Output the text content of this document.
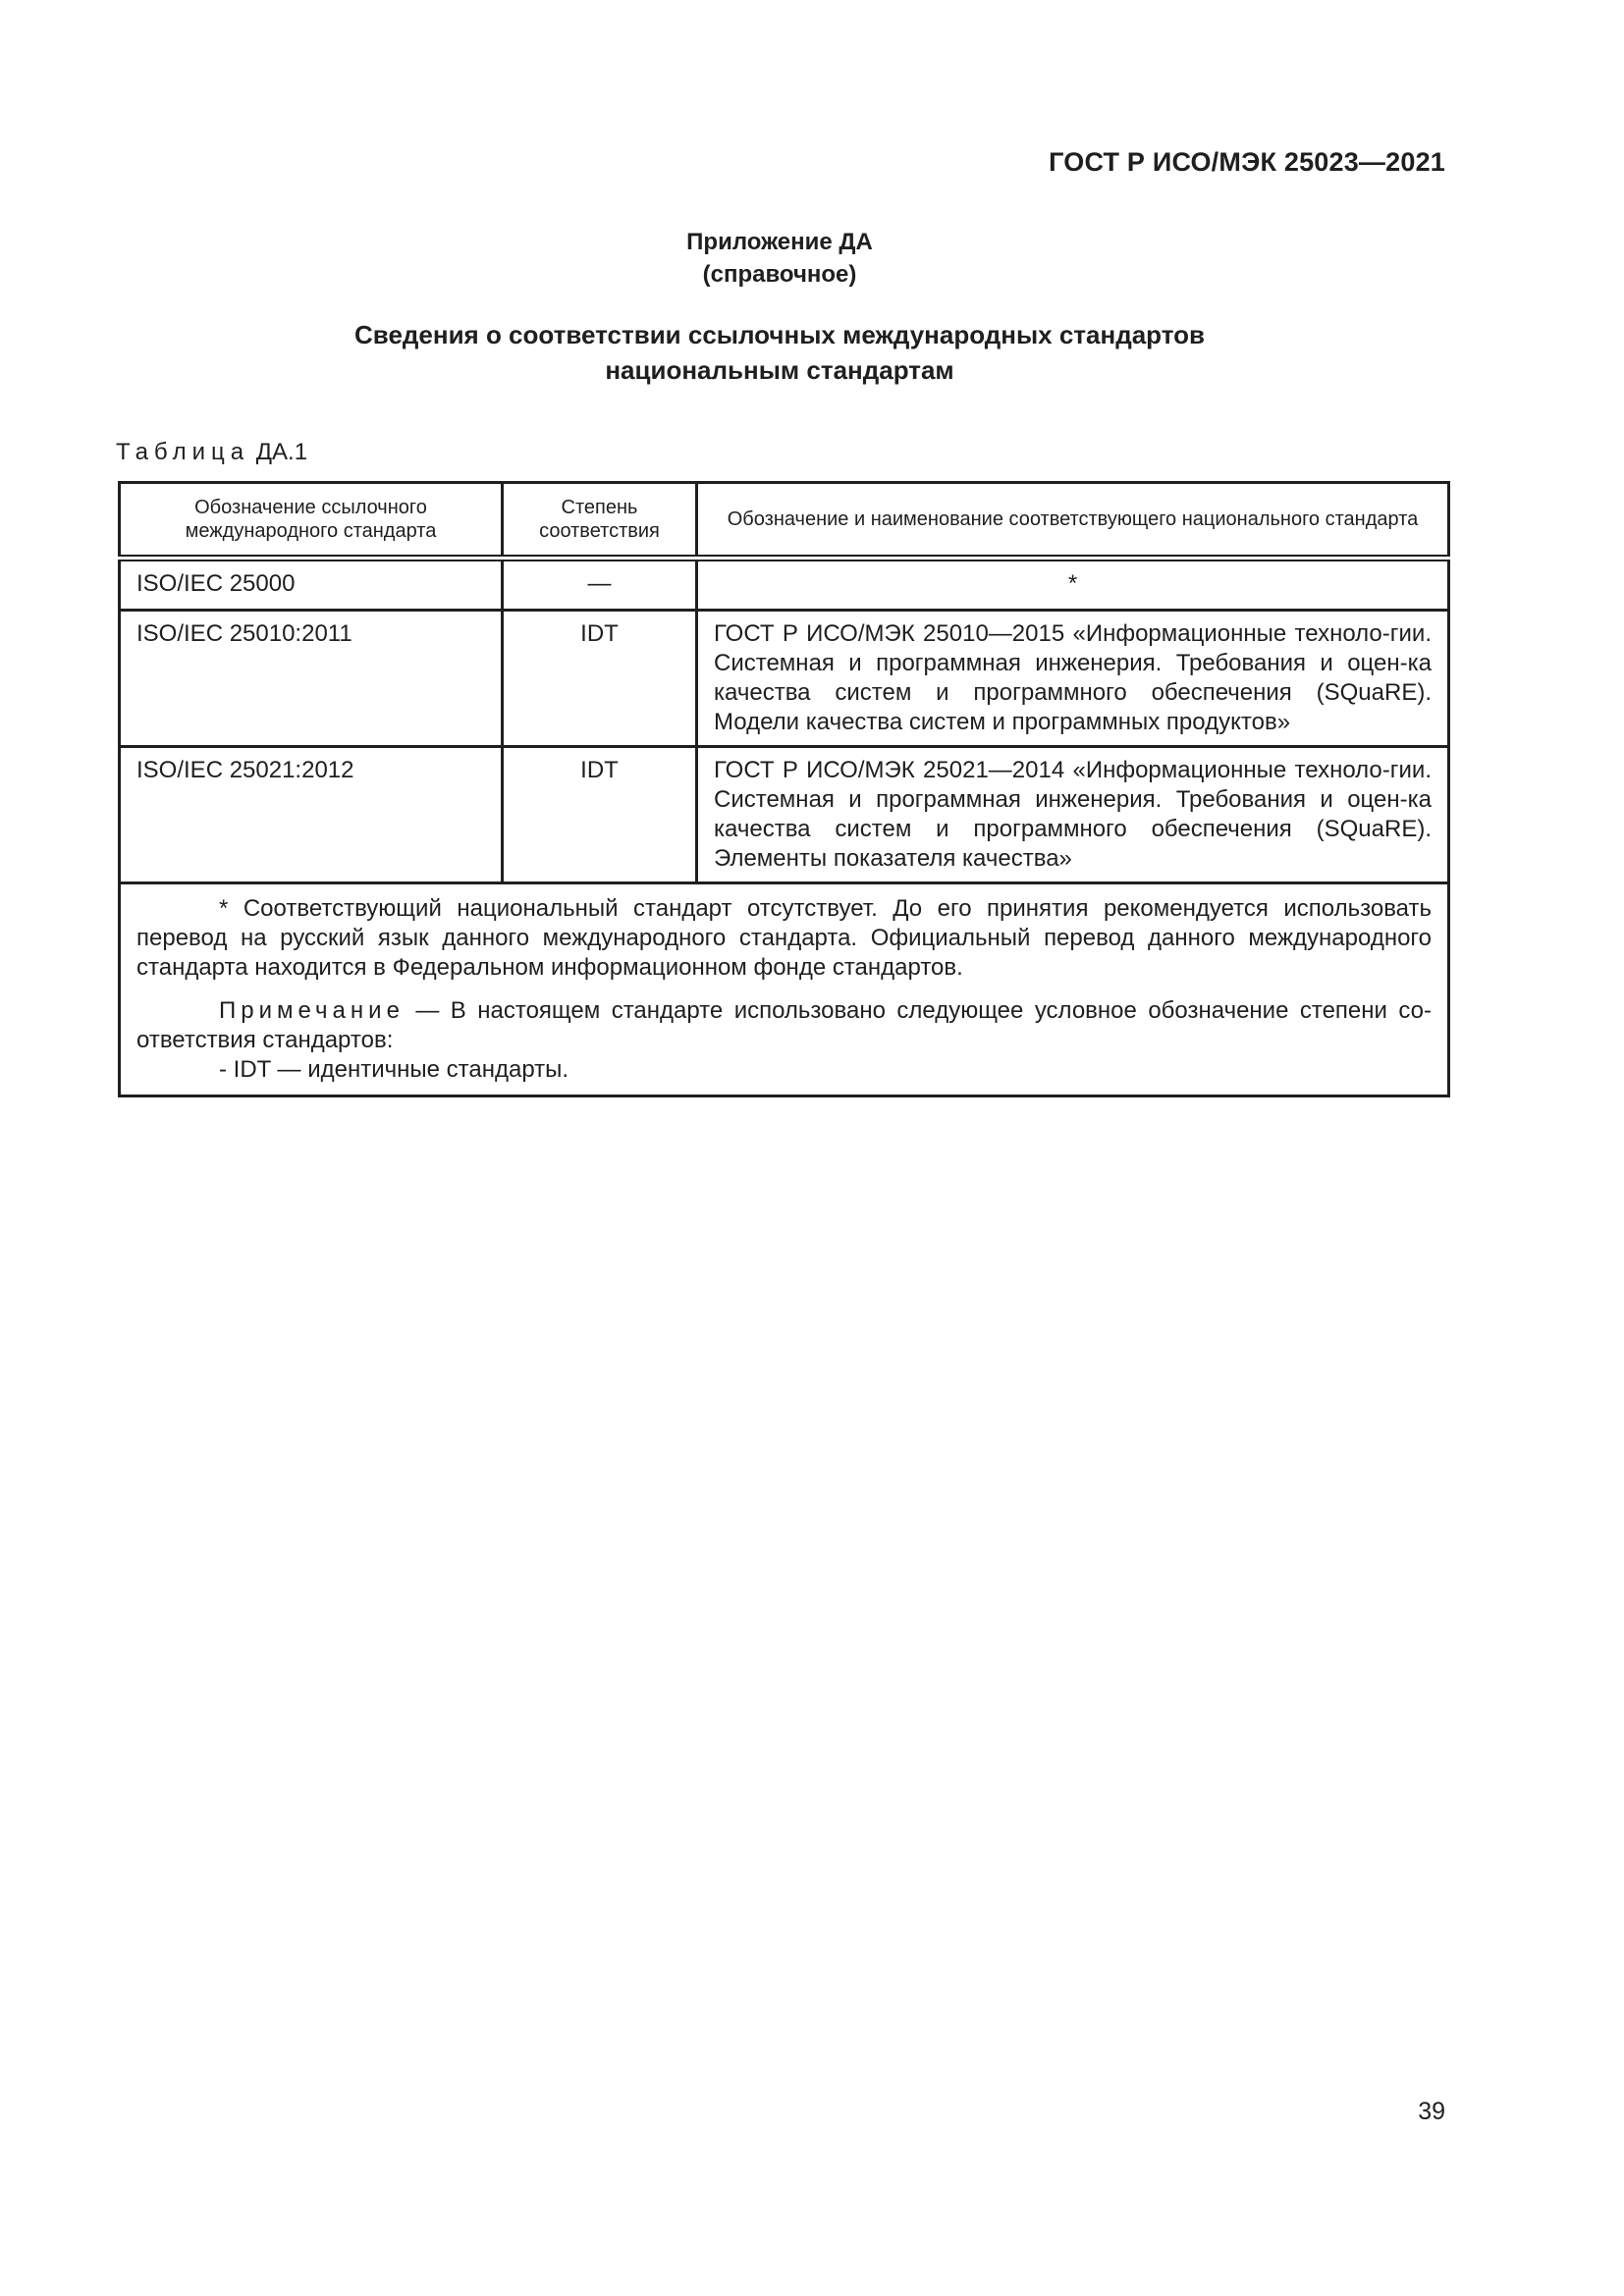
ГОСТ Р ИСО/МЭК 25023—2021
Приложение ДА
(справочное)
Сведения о соответствии ссылочных международных стандартов
национальным стандартам
Таблица ДА.1
Обозначение ссылочного международного стандарта	Степень соответствия	Обозначение и наименование соответствующего национального стандарта
ISO/IEC 25000	—	*
ISO/IEC 25010:2011	IDT	ГОСТ Р ИСО/МЭК 25010—2015 «Информационные техноло-гии. Системная и программная инженерия. Требования и оцен-ка качества систем и программного обеспечения (SQuaRE). Модели качества систем и программных продуктов»
ISO/IEC 25021:2012	IDT	ГОСТ Р ИСО/МЭК 25021—2014 «Информационные техноло-гии. Системная и программная инженерия. Требования и оцен-ка качества систем и программного обеспечения (SQuaRE). Элементы показателя качества»

* Соответствующий национальный стандарт отсутствует. До его принятия рекомендуется использовать перевод на русский язык данного международного стандарта. Официальный перевод данного международного стандарта находится в Федеральном информационном фонде стандартов.

Примечание — В настоящем стандарте использовано следующее условное обозначение степени со-ответствия стандартов:

- IDT — идентичные стандарты.		

39
